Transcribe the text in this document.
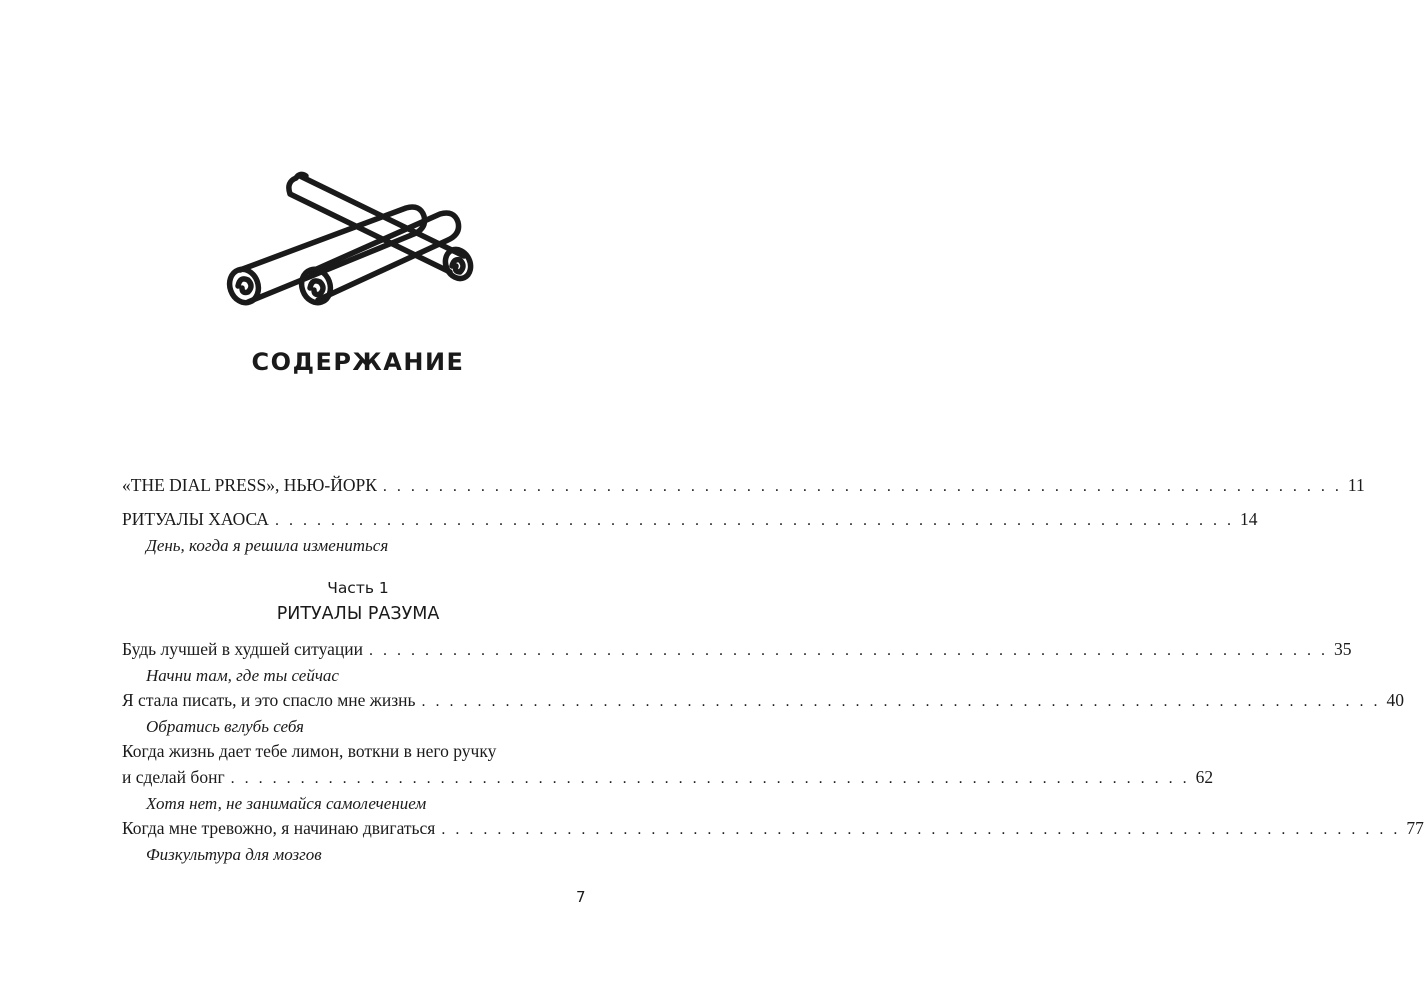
СОДЕРЖАНИЕ
«THE DIAL PRESS», НЬЮ-ЙОРК . . . . . . . . . . . . . . . . . . . . . . . . . . . . . . . . . . . . . . . . . . . . . . . . . . . . . . . . . . . . . . . . . . . . . 11
РИТУАЛЫ ХАОСА . . . . . . . . . . . . . . . . . . . . . . . . . . . . . . . . . . . . . . . . . . . . . . . . . . . . . . . . . . . . . . . . . . . . . 14
День, когда я решила измениться
Часть 1
РИТУАЛЫ РАЗУМА
Будь лучшей в худшей ситуации . . . . . . . . . . . . . . . . . . . . . . . . . . . . . . . . . . . . . . . . . . . . . . . . . . . . . . . . . . . . . . . . . . . . . 35
Начни там, где ты сейчас
Я стала писать, и это спасло мне жизнь . . . . . . . . . . . . . . . . . . . . . . . . . . . . . . . . . . . . . . . . . . . . . . . . . . . . . . . . . . . . . . . . . . . . . 40
Обратись вглубь себя
Когда жизнь дает тебе лимон, воткни в него ручку
и сделай бонг . . . . . . . . . . . . . . . . . . . . . . . . . . . . . . . . . . . . . . . . . . . . . . . . . . . . . . . . . . . . . . . . . . . . . 62
Хотя нет, не занимайся самолечением
Когда мне тревожно, я начинаю двигаться . . . . . . . . . . . . . . . . . . . . . . . . . . . . . . . . . . . . . . . . . . . . . . . . . . . . . . . . . . . . . . . . . . . . . 77
Физкультура для мозгов
7
